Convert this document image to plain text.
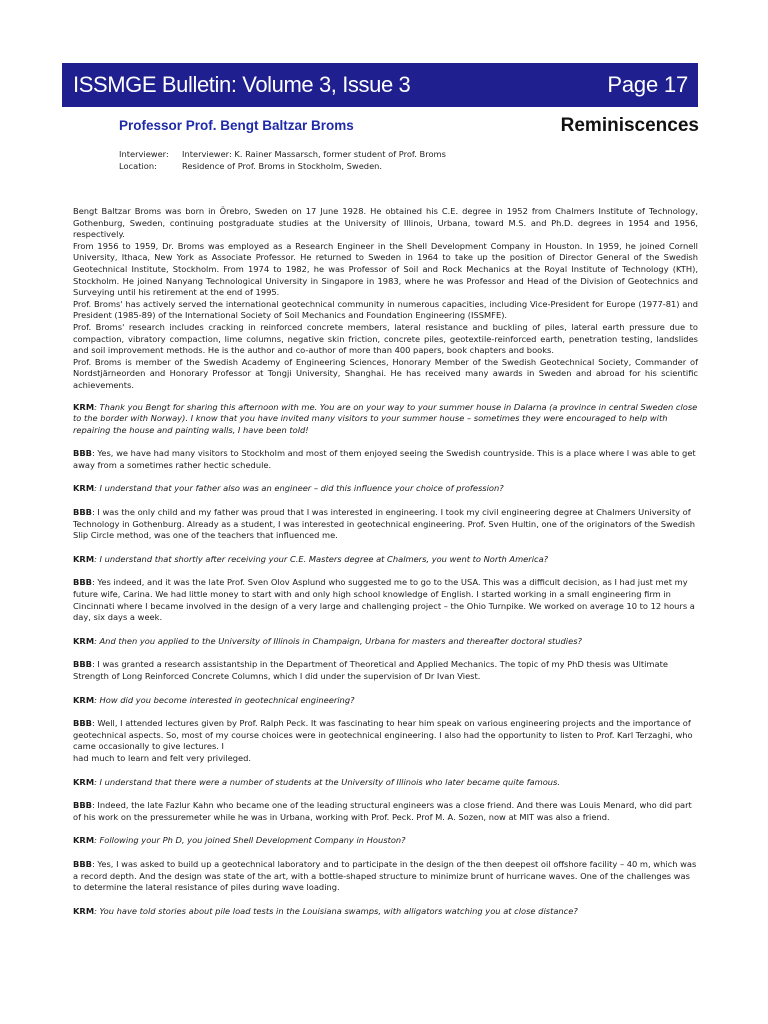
ISSMGE Bulletin: Volume 3, Issue 3	Page 17
Professor Prof. Bengt Baltzar Broms	Reminiscences
Interviewer: Interviewer: K. Rainer Massarsch, former student of Prof. Broms
Location:	Residence of Prof. Broms in Stockholm, Sweden.

Bengt Baltzar Broms was born in Örebro, Sweden on 17 June 1928. He obtained his C.E. degree in 1952 from Chalmers Institute of Technology, Gothenburg, Sweden, continuing postgraduate studies at the University of Illinois, Urbana, toward M.S. and Ph.D. degrees in 1954 and 1956, respectively.

From 1956 to 1959, Dr. Broms was employed as a Research Engineer in the Shell Development Company in Houston. In 1959, he joined Cornell University, Ithaca, New York as Associate Professor. He returned to Sweden in 1964 to take up the position of Director General of the Swedish Geotechnical Institute, Stockholm. From 1974 to 1982, he was Professor of Soil and Rock Mechanics at the Royal Institute of Technology (KTH), Stockholm. He joined Nanyang Technological University in Singapore in 1983, where he was Professor and Head of the Division of Geotechnics and Surveying until his retirement at the end of 1995.

Prof. Broms' has actively served the international geotechnical community in numerous capacities, including Vice-President for Europe (1977-81) and President (1985-89) of the International Society of Soil Mechanics and Foundation Engineering (ISSMFE).

Prof. Broms' research includes cracking in reinforced concrete members, lateral resistance and buckling of piles, lateral earth pressure due to compaction, vibratory compaction, lime columns, negative skin friction, concrete piles, geotextile-reinforced earth, penetration testing, landslides and soil improvement methods. He is the author and co-author of more than 400 papers, book chapters and books.

Prof. Broms is member of the Swedish Academy of Engineering Sciences, Honorary Member of the Swedish Geotechnical Society, Commander of Nordstjärneorden and Honorary Professor at Tongji University, Shanghai. He has received many awards in Sweden and abroad for his scientific achievements.

KRM: Thank you Bengt for sharing this afternoon with me. You are on your way to your summer house in Dalarna (a province in central Sweden close to the border with Norway). I know that you have invited many visitors to your summer house – sometimes they were encouraged to help with repairing the house and painting walls, I have been told!

BBB: Yes, we have had many visitors to Stockholm and most of them enjoyed seeing the Swedish countryside. This is a place where I was able to get away from a sometimes rather hectic schedule.

KRM: I understand that your father also was an engineer – did this influence your choice of profession?

BBB: I was the only child and my father was proud that I was interested in engineering. I took my civil engineering degree at Chalmers University of Technology in Gothenburg. Already as a student, I was interested in geotechnical engineering. Prof. Sven Hultin, one of the originators of the Swedish Slip Circle method, was one of the teachers that influenced me.

KRM: I understand that shortly after receiving your C.E. Masters degree at Chalmers, you went to North America?

BBB: Yes indeed, and it was the late Prof. Sven Olov Asplund who suggested me to go to the USA. This was a difficult decision, as I had just met my future wife, Carina. We had little money to start with and only high school knowledge of English. I started working in a small engineering firm in Cincinnati where I became involved in the design of a very large and challenging project – the Ohio Turnpike. We worked on average 10 to 12 hours a day, six days a week.

KRM: And then you applied to the University of Illinois in Champaign, Urbana for masters and thereafter doctoral studies?

BBB: I was granted a research assistantship in the Department of Theoretical and Applied Mechanics. The topic of my PhD thesis was Ultimate Strength of Long Reinforced Concrete Columns, which I did under the supervision of Dr Ivan Viest.

KRM: How did you become interested in geotechnical engineering?

BBB: Well, I attended lectures given by Prof. Ralph Peck. It was fascinating to hear him speak on various engineering projects and the importance of geotechnical aspects. So, most of my course choices were in geotechnical engineering. I also had the opportunity to listen to Prof. Karl Terzaghi, who came occasionally to give lectures. I
had much to learn and felt very privileged.

KRM: I understand that there were a number of students at the University of Illinois who later became quite famous.

BBB: Indeed, the late Fazlur Kahn who became one of the leading structural engineers was a close friend. And there was Louis Menard, who did part of his work on the pressuremeter while he was in Urbana, working with Prof. Peck. Prof M. A. Sozen, now at MIT was also a friend.

KRM: Following your Ph D, you joined Shell Development Company in Houston?

BBB: Yes, I was asked to build up a geotechnical laboratory and to participate in the design of the then deepest oil offshore facility – 40 m, which was a record depth. And the design was state of the art, with a bottle-shaped structure to minimize brunt of hurricane waves. One of the challenges was to determine the lateral resistance of piles during wave loading.

KRM: You have told stories about pile load tests in the Louisiana swamps, with alligators watching you at close distance?
